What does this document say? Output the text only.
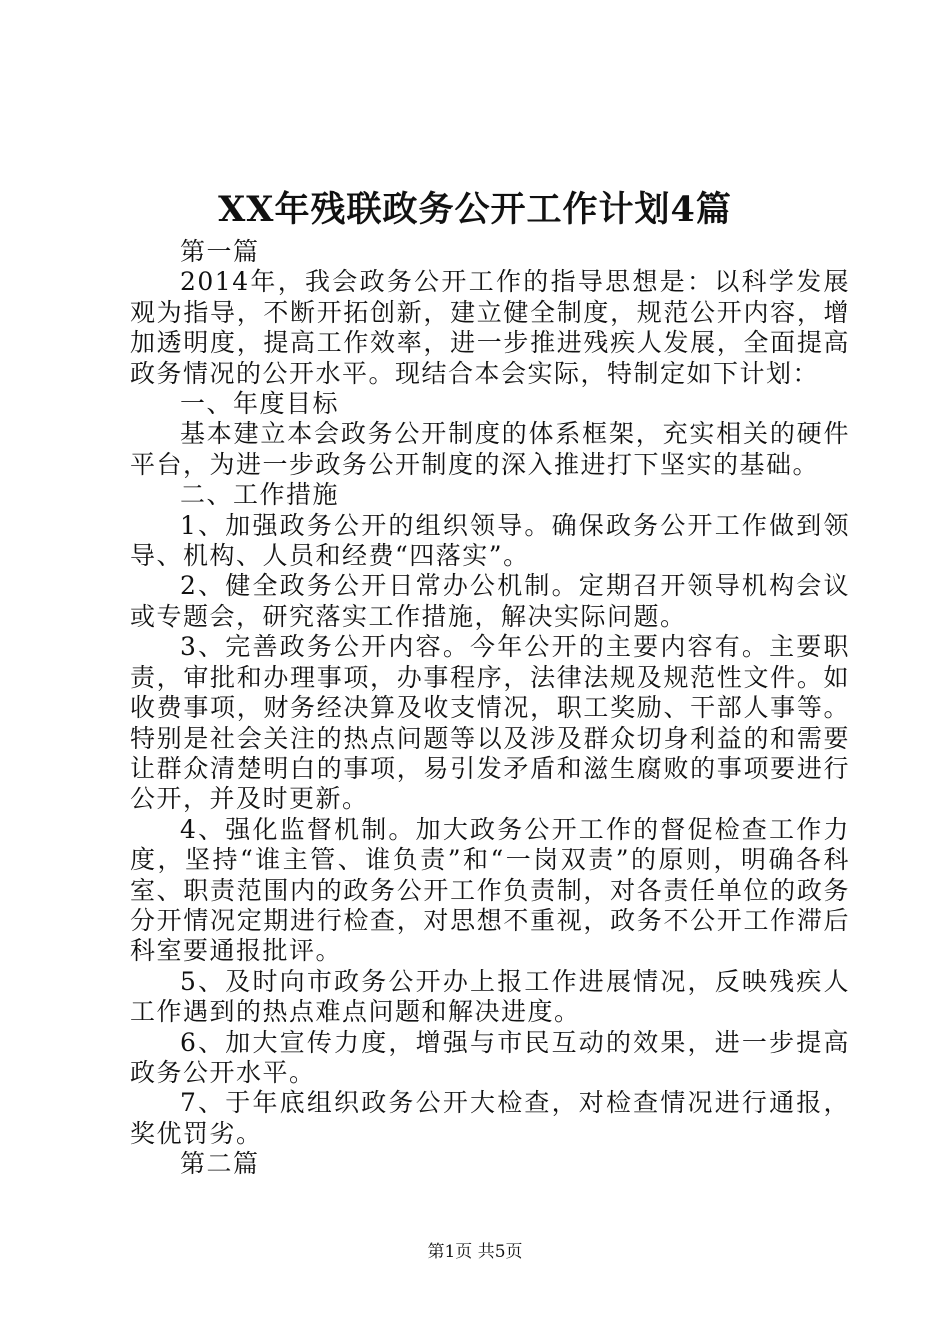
XX年残联政务公开工作计划4篇

第一篇

2014年，我会政务公开工作的指导思想是：以科学发展观为指导，不断开拓创新，建立健全制度，规范公开内容，增加透明度，提高工作效率，进一步推进残疾人发展，全面提高政务情况的公开水平。现结合本会实际，特制定如下计划：

一、年度目标

基本建立本会政务公开制度的体系框架，充实相关的硬件平台，为进一步政务公开制度的深入推进打下坚实的基础。

二、工作措施

1、加强政务公开的组织领导。确保政务公开工作做到领导、机构、人员和经费“四落实”。

2、健全政务公开日常办公机制。定期召开领导机构会议或专题会，研究落实工作措施，解决实际问题。

3、完善政务公开内容。今年公开的主要内容有。主要职责，审批和办理事项，办事程序，法律法规及规范性文件。如收费事项，财务经决算及收支情况，职工奖励、干部人事等。特别是社会关注的热点问题等以及涉及群众切身利益的和需要让群众清楚明白的事项，易引发矛盾和滋生腐败的事项要进行公开，并及时更新。

4、强化监督机制。加大政务公开工作的督促检查工作力度，坚持“谁主管、谁负责”和“一岗双责”的原则，明确各科室、职责范围内的政务公开工作负责制，对各责任单位的政务分开情况定期进行检查，对思想不重视，政务不公开工作滞后科室要通报批评。

5、及时向市政务公开办上报工作进展情况，反映残疾人工作遇到的热点难点问题和解决进度。

6、加大宣传力度，增强与市民互动的效果，进一步提高政务公开水平。

7、于年底组织政务公开大检查，对检查情况进行通报，奖优罚劣。

第二篇

第1页 共5页
